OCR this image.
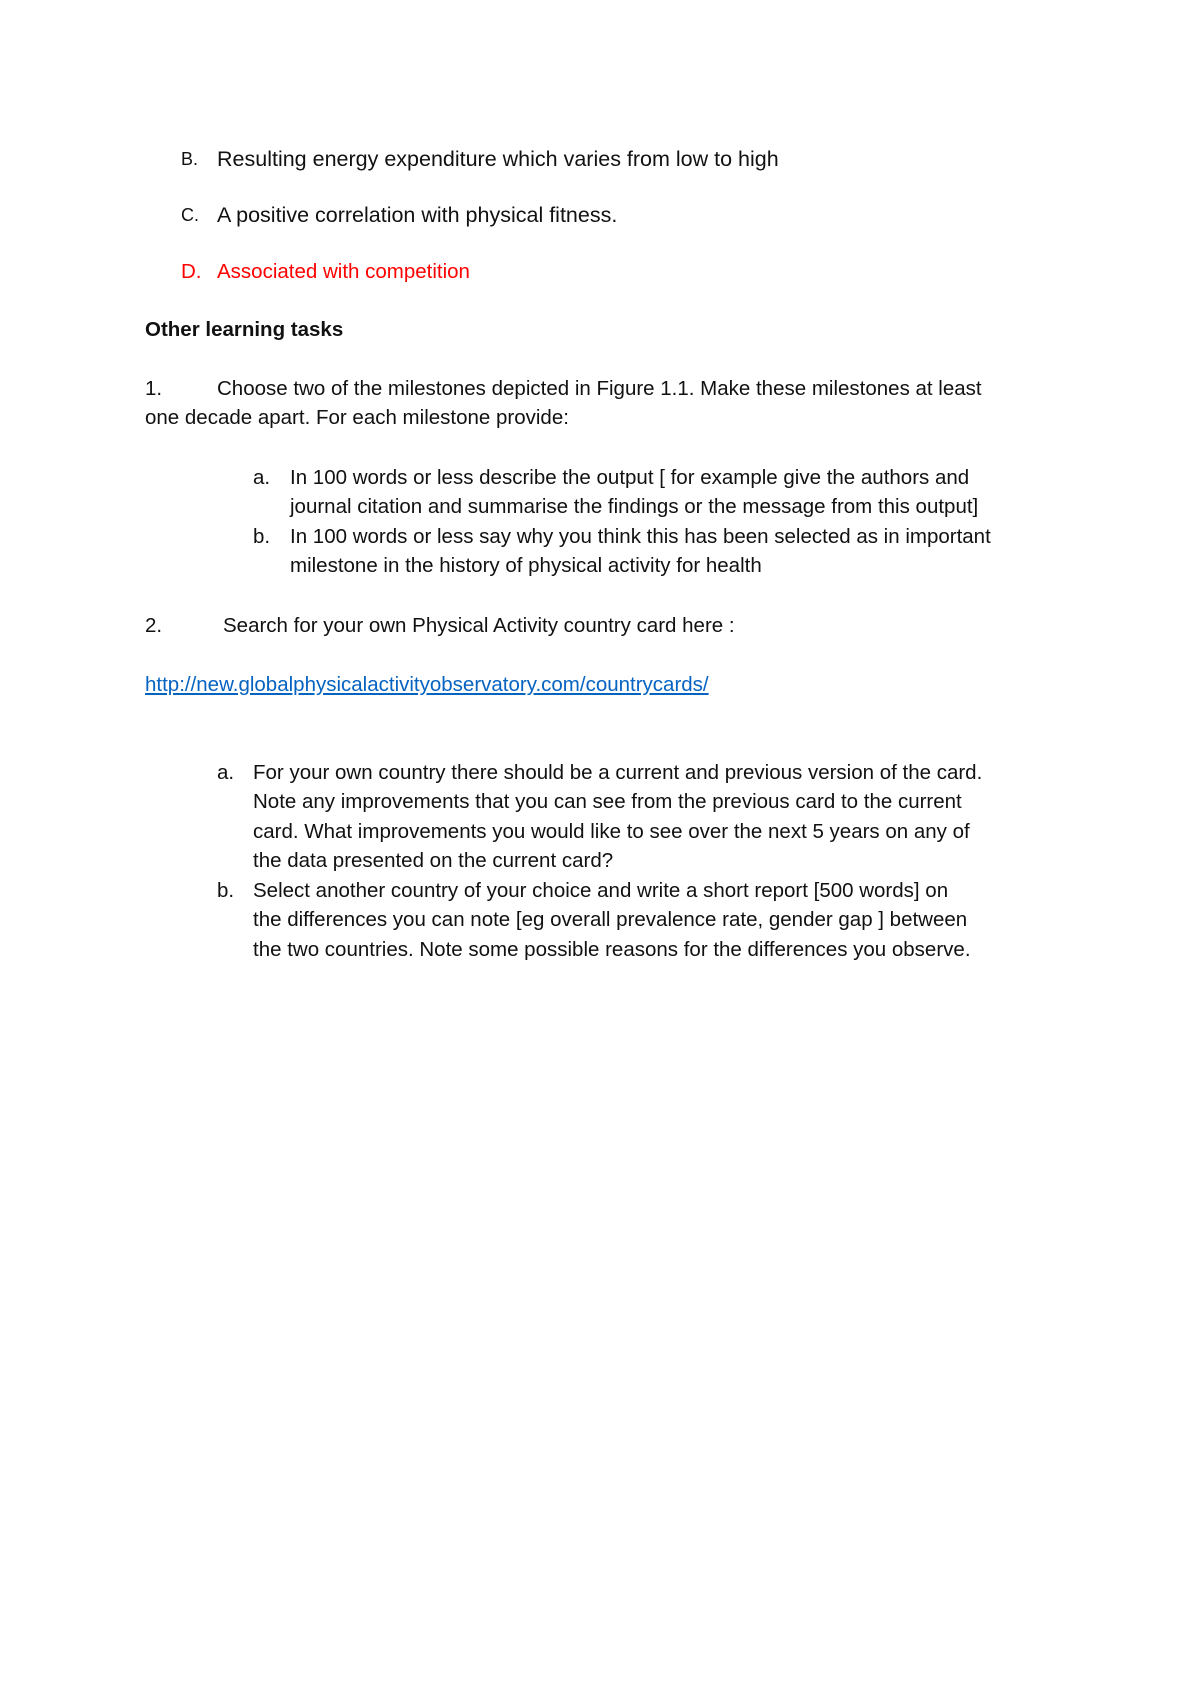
B. Resulting energy expenditure which varies from low to high
C. A positive correlation with physical fitness.
D. Associated with competition
Other learning tasks
1.	Choose two of the milestones depicted in Figure 1.1. Make these milestones at least
one decade apart. For each milestone provide:
a. In 100 words or less describe the output [ for example give the authors and
journal citation and summarise the findings or the message from this output]
b. In 100 words or less say why you think this has been selected as in important
milestone in the history of physical activity for health
2.	Search for your own Physical Activity country card here :
http://new.globalphysicalactivityobservatory.com/countrycards/
a. For your own country there should be a current and previous version of the card.
Note any improvements that you can see from the previous card to the current
card. What improvements you would like to see over the next 5 years on any of
the data presented on the current card?
b. Select another country of your choice and write a short report [500 words] on
the differences you can note [eg overall prevalence rate, gender gap ] between
the two countries. Note some possible reasons for the differences you observe.
